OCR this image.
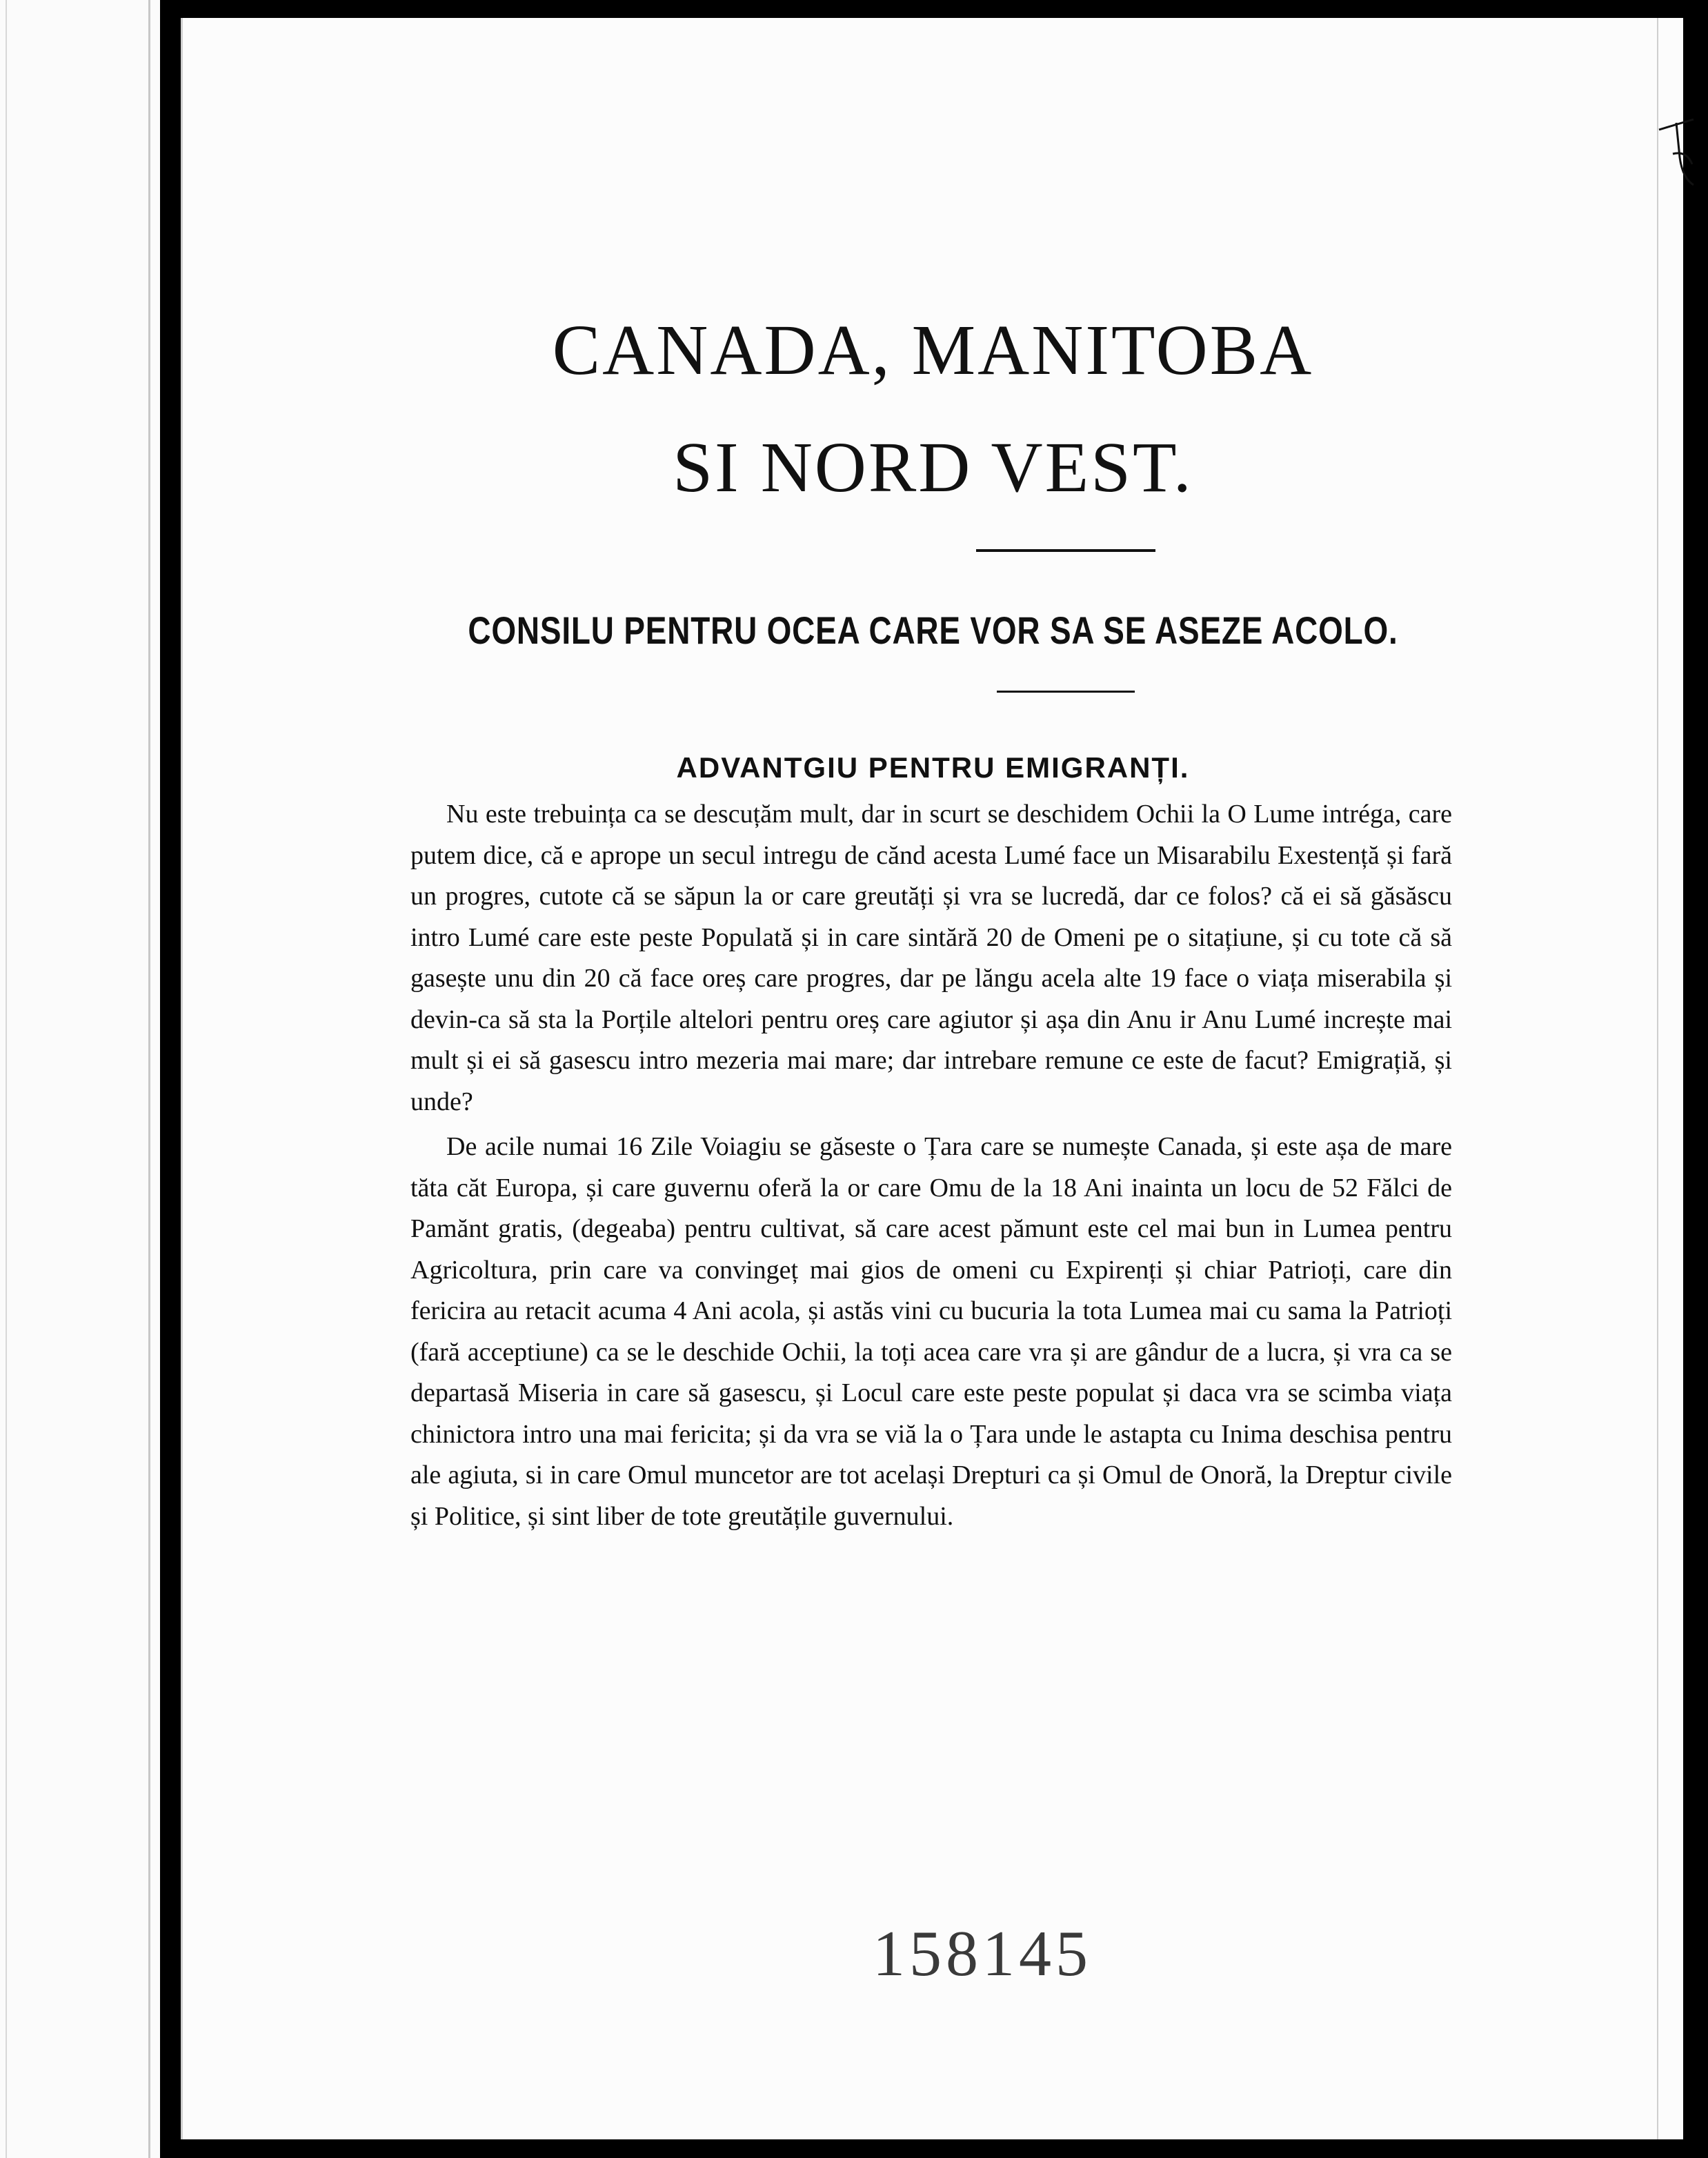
CANADA, MANITOBA
SI NORD VEST.
CONSILU PENTRU OCEA CARE VOR SA SE ASEZE ACOLO.
ADVANTGIU PENTRU EMIGRANȚI.

Nu este trebuința ca se descuțăm mult, dar in scurt se deschidem Ochii la O Lume intréga, care putem dice, că e aprope un secul intregu de cănd acesta Lumé face un Misarabilu Exestență și fară un progres, cutote că se săpun la or care greutăți și vra se lucredă, dar ce folos? că ei să găsăscu intro Lumé care este peste Populată și in care sintără 20 de Omeni pe o sitațiune, și cu tote că să gasește unu din 20 că face oreș care progres, dar pe lăngu acela alte 19 face o viața miserabila și devin-ca să sta la Porțile altelori pentru oreș care agiutor și așa din Anu ir Anu Lumé increște mai mult și ei să gasescu intro mezeria mai mare; dar intrebare remune ce este de facut? Emigrațiă, și unde?

De acile numai 16 Zile Voiagiu se găseste o Țara care se numește Canada, și este așa de mare tăta căt Europa, și care guvernu oferă la or care Omu de la 18 Ani inainta un locu de 52 Fălci de Pamănt gratis, (degeaba) pentru cultivat, să care acest pămunt este cel mai bun in Lumea pentru Agricoltura, prin care va convingeț mai gios de omeni cu Expirenți și chiar Patrioți, care din fericira au retacit acuma 4 Ani acola, și astăs vini cu bucuria la tota Lumea mai cu sama la Patrioți (fară acceptiune) ca se le deschide Ochii, la toți acea care vra și are gândur de a lucra, și vra ca se departasă Miseria in care să gasescu, și Locul care este peste populat și daca vra se scimba viața chinictora intro una mai fericita; și da vra se viă la o Țara unde le astapta cu Inima deschisa pentru ale agiuta, si in care Omul muncetor are tot același Drepturi ca și Omul de Onoră, la Dreptur civile și Politice, și sint liber de tote greutățile guvernului.

158145
